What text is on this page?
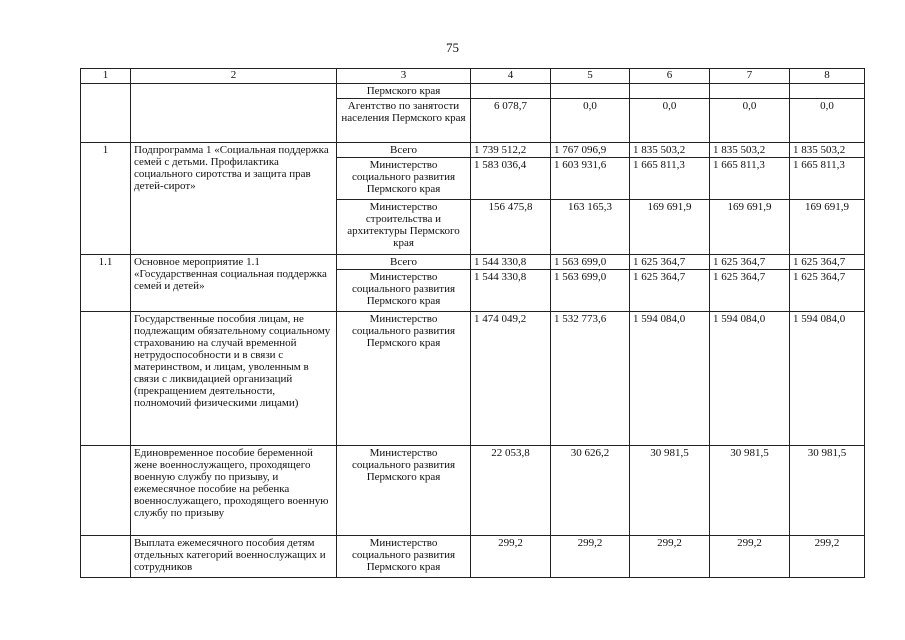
75
1	2	3	4	5	6	7	8
		Пермского края					
		Агентство по занятости населения Пермского края	6 078,7	0,0	0,0	0,0	0,0
1	Подпрограмма 1 «Социальная поддержка семей с детьми. Профилактика социального сиротства и защита прав детей-сирот»	Всего	1 739 512,2	1 767 096,9	1 835 503,2	1 835 503,2	1 835 503,2
		Министерство социального развития Пермского края	1 583 036,4	1 603 931,6	1 665 811,3	1 665 811,3	1 665 811,3
		Министерство строительства и архитектуры Пермского края	156 475,8	163 165,3	169 691,9	169 691,9	169 691,9
1.1	Основное мероприятие 1.1 «Государственная социальная поддержка семей и детей»	Всего	1 544 330,8	1 563 699,0	1 625 364,7	1 625 364,7	1 625 364,7
		Министерство социального развития Пермского края	1 544 330,8	1 563 699,0	1 625 364,7	1 625 364,7	1 625 364,7
	Государственные пособия лицам, не подлежащим обязательному социальному страхованию на случай временной нетрудоспособности и в связи с материнством, и лицам, уволенным в связи с ликвидацией организаций (прекращением деятельности, полномочий физическими лицами)	Министерство социального развития Пермского края	1 474 049,2	1 532 773,6	1 594 084,0	1 594 084,0	1 594 084,0
	Единовременное пособие беременной жене военнослужащего, проходящего военную службу по призыву, и ежемесячное пособие на ребенка военнослужащего, проходящего военную службу по призыву	Министерство социального развития Пермского края	22 053,8	30 626,2	30 981,5	30 981,5	30 981,5
	Выплата ежемесячного пособия детям отдельных категорий военнослужащих и сотрудников	Министерство социального развития Пермского края	299,2	299,2	299,2	299,2	299,2
